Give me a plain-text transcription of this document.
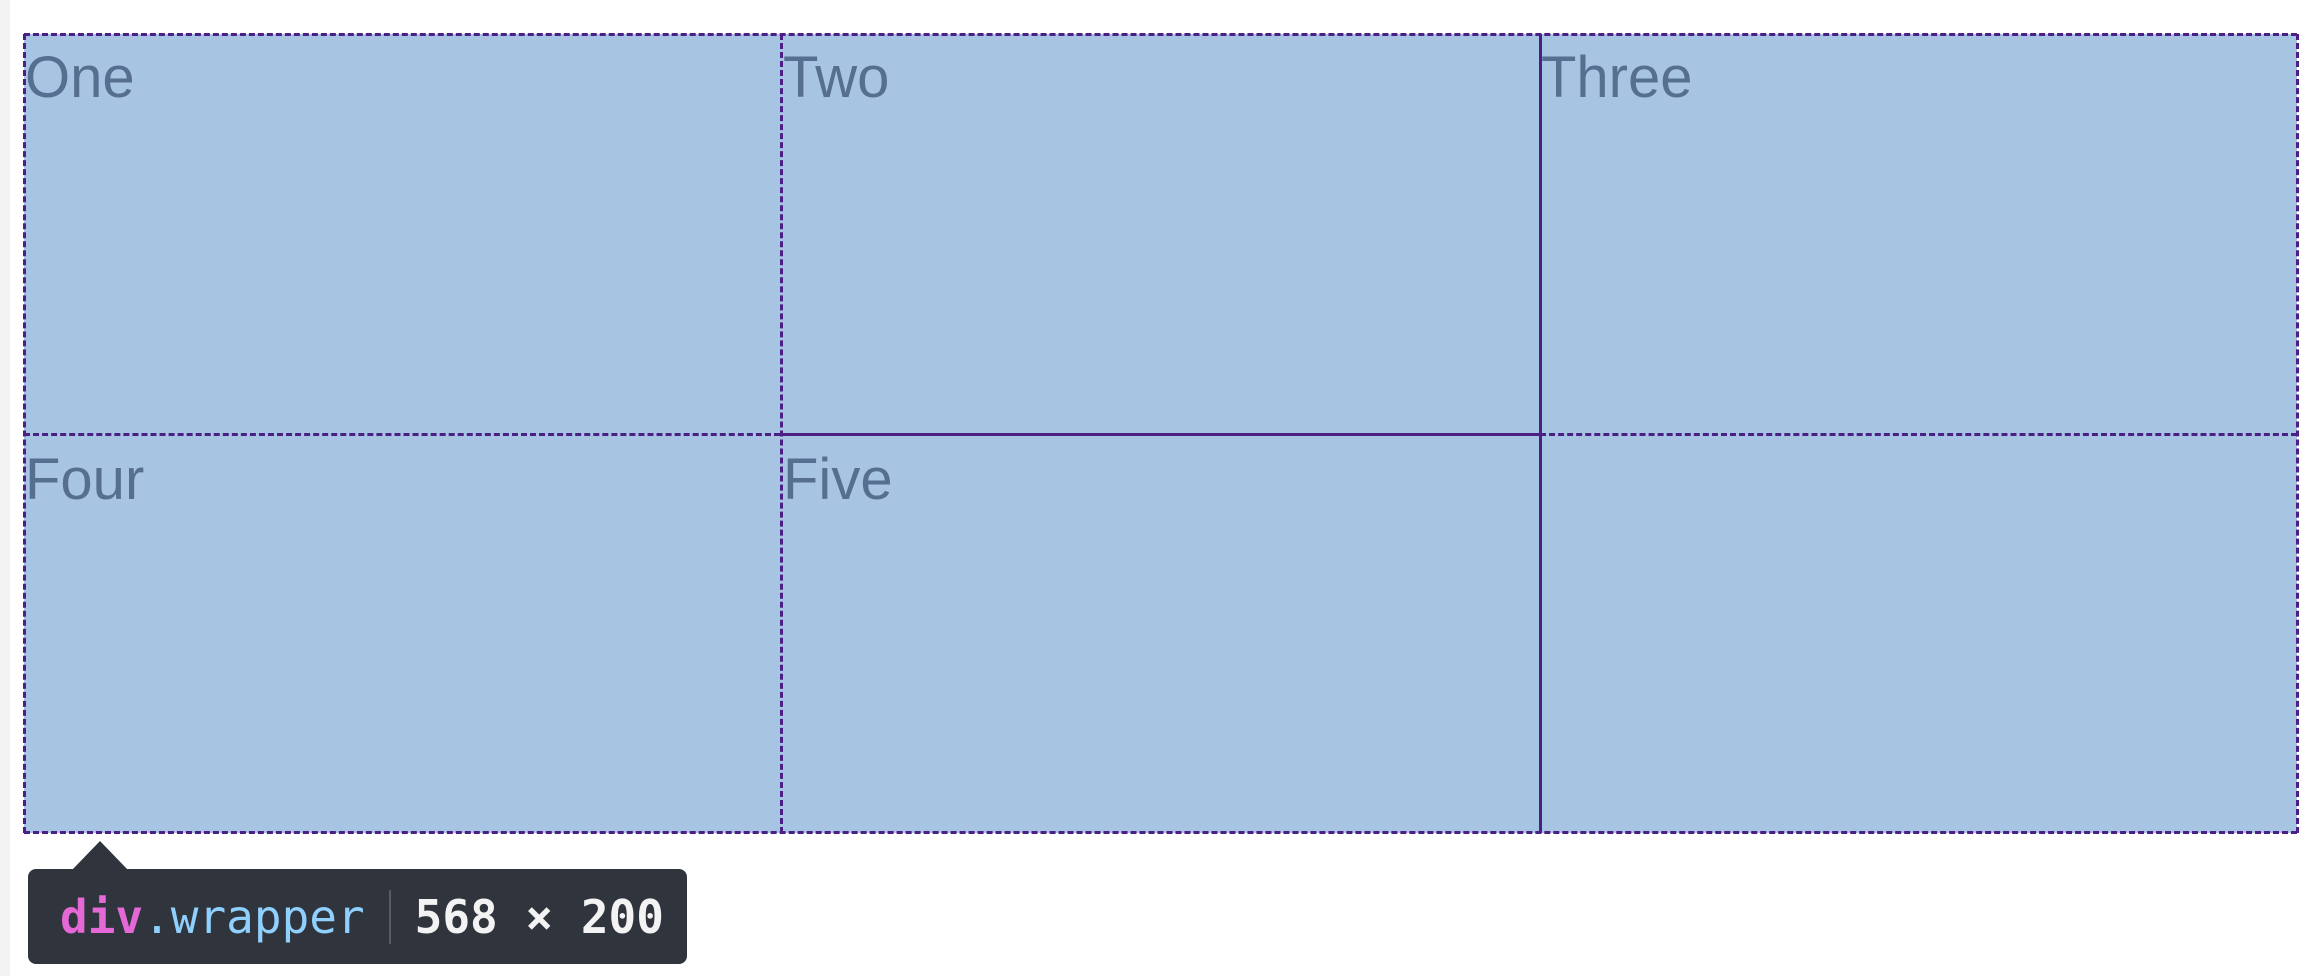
One	Two	Three
Four	Five
div .wrapper 568 × 200
